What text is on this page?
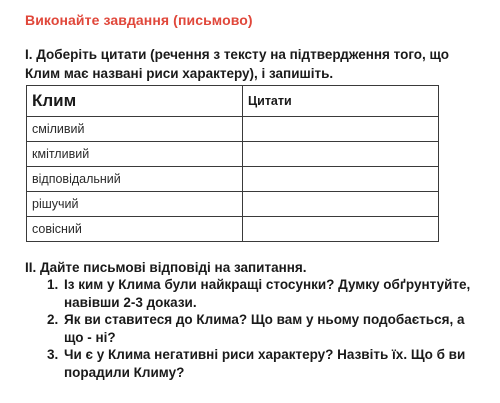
Виконайте завдання (письмово)
І. Доберіть цитати (речення з тексту на підтвердження того, що Клим має названі риси характеру), і запишіть.
Клим	Цитати
сміливий	
кмітливий	
відповідальний	
рішучий	
совісний	
ІІ. Дайте письмові відповіді на запитання.
1. Із ким у Клима були найкращі стосунки? Думку обґрунтуйте, навівши 2-3 докази.
2. Як ви ставитеся до Клима? Що вам у ньому подобається, а що - ні?
3. Чи є у Клима негативні риси характеру? Назвіть їх. Що б ви порадили Климу?
